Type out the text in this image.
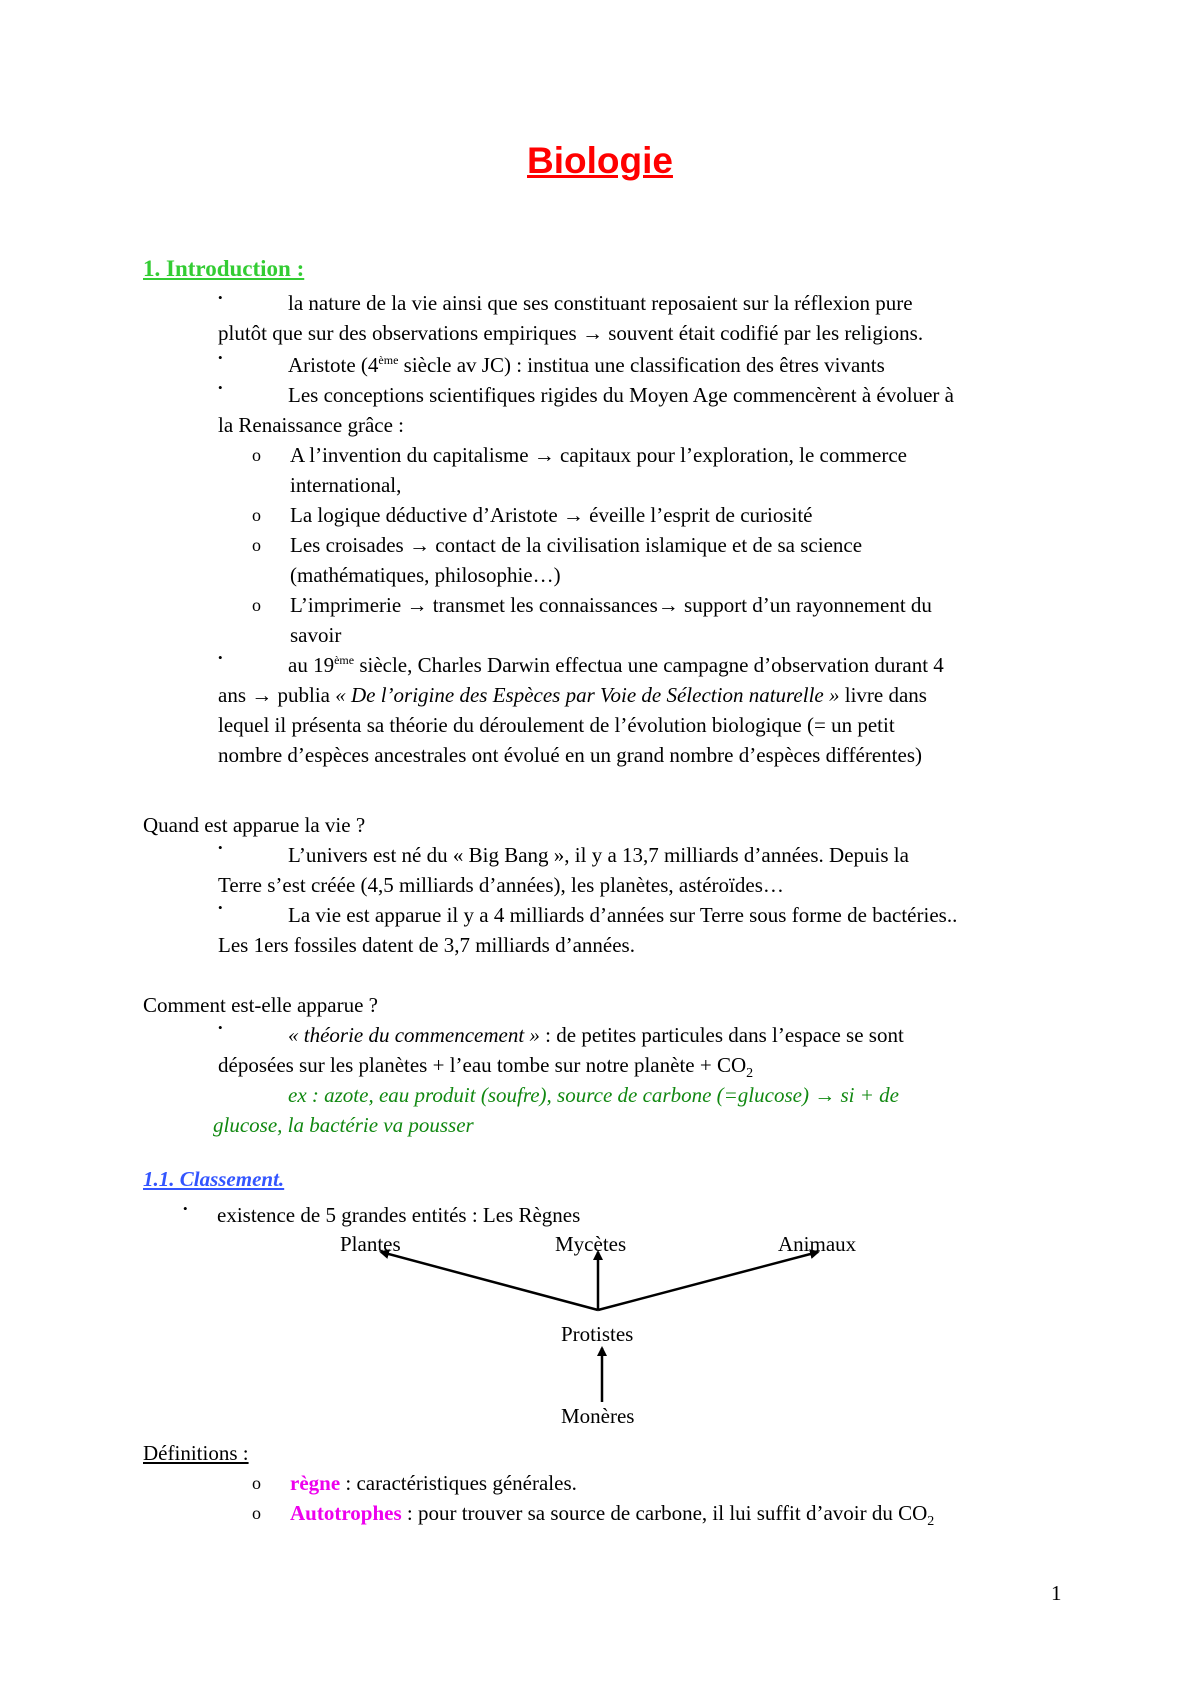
Biologie
1. Introduction :
•	la nature de la vie ainsi que ses constituant reposaient sur la réflexion pure
plutôt que sur des observations empiriques → souvent était codifié par les religions.
•	Aristote (4ème siècle av JC) : institua une classification des êtres vivants
•	Les conceptions scientifiques rigides du Moyen Age commencèrent à évoluer à
la Renaissance grâce :
o A l’invention du capitalisme → capitaux pour l’exploration, le commerce
international,
o La logique déductive d’Aristote → éveille l’esprit de curiosité
o Les croisades → contact de la civilisation islamique et de sa science
(mathématiques, philosophie…)
o L’imprimerie → transmet les connaissances→ support d’un rayonnement du
savoir
•	au 19ème siècle, Charles Darwin effectua une campagne d’observation durant 4
ans → publia « De l’origine des Espèces par Voie de Sélection naturelle » livre dans
lequel il présenta sa théorie du déroulement de l’évolution biologique (= un petit
nombre d’espèces ancestrales ont évolué en un grand nombre d’espèces différentes)
Quand est apparue la vie ?
•	L’univers est né du « Big Bang », il y a 13,7 milliards d’années. Depuis la
Terre s’est créée (4,5 milliards d’années), les planètes, astéroïdes…
•	La vie est apparue il y a 4 milliards d’années sur Terre sous forme de bactéries..
Les 1ers fossiles datent de 3,7 milliards d’années.
Comment est-elle apparue ?
•	« théorie du commencement » : de petites particules dans l’espace se sont
déposées sur les planètes + l’eau tombe sur notre planète + $CO_2$
ex : azote, eau produit (soufre), source de carbone (=glucose) → si + de
glucose, la bactérie va pousser
1.1. Classement.
• existence de 5 grandes entités : Les Règnes
Plantes	Mycètes	Animaux
Protistes
Monères
Définitions :
o règne : caractéristiques générales.
o Autotrophes : pour trouver sa source de carbone, il lui suffit d’avoir du $CO_2$
1
